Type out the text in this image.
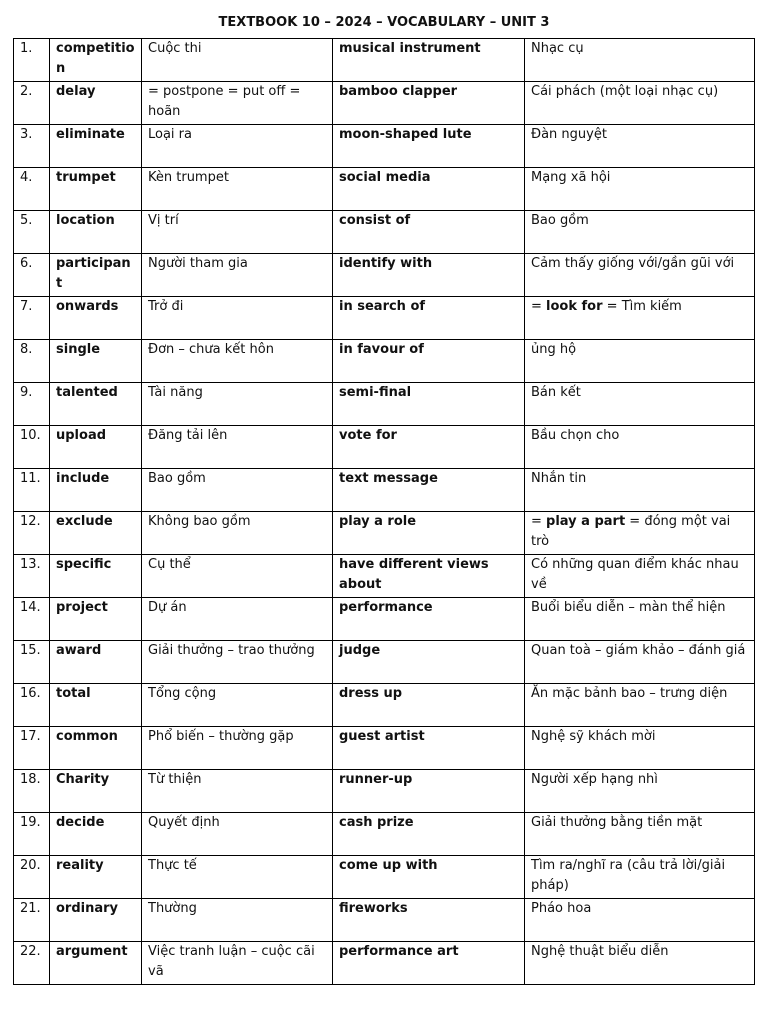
TEXTBOOK 10 – 2024 – VOCABULARY – UNIT 3
1.	competition	Cuộc thi	musical instrument	Nhạc cụ
2.	delay	= postpone = put off = hoãn	bamboo clapper	Cái phách (một loại nhạc cụ)
3.	eliminate	Loại ra	moon-shaped lute	Đàn nguyệt
4.	trumpet	Kèn trumpet	social media	Mạng xã hội
5.	location	Vị trí	consist of	Bao gồm
6.	participant	Người tham gia	identify with	Cảm thấy giống với/gần gũi với
7.	onwards	Trở đi	in search of	= look for = Tìm kiếm
8.	single	Đơn – chưa kết hôn	in favour of	ủng hộ
9.	talented	Tài năng	semi-final	Bán kết
10.	upload	Đăng tải lên	vote for	Bầu chọn cho
11.	include	Bao gồm	text message	Nhắn tin
12.	exclude	Không bao gồm	play a role	= play a part = đóng một vai trò
13.	specific	Cụ thể	have different views about	Có những quan điểm khác nhau về
14.	project	Dự án	performance	Buổi biểu diễn – màn thể hiện
15.	award	Giải thưởng – trao thưởng	judge	Quan toà – giám khảo – đánh giá
16.	total	Tổng cộng	dress up	Ăn mặc bảnh bao – trưng diện
17.	common	Phổ biến – thường gặp	guest artist	Nghệ sỹ khách mời
18.	Charity	Từ thiện	runner-up	Người xếp hạng nhì
19.	decide	Quyết định	cash prize	Giải thưởng bằng tiền mặt
20.	reality	Thực tế	come up with	Tìm ra/nghĩ ra (câu trả lời/giải pháp)
21.	ordinary	Thường	fireworks	Pháo hoa
22.	argument	Việc tranh luận – cuộc cãi vã	performance art	Nghệ thuật biểu diễn
